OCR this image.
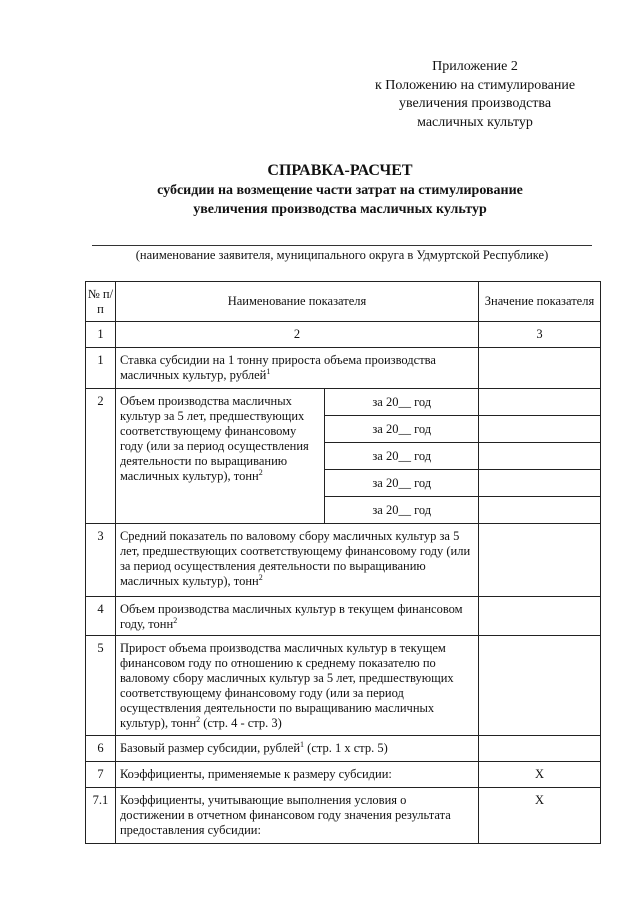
Приложение 2
к Положению на стимулирование
увеличения производства
масличных культур
СПРАВКА-РАСЧЕТ
субсидии на возмещение части затрат на стимулирование
увеличения производства масличных культур
(наименование заявителя, муниципального округа в Удмуртской Республике)
№ п/п	Наименование показателя		Значение показателя
1	2		3
1	Ставка субсидии на 1 тонну прироста объема производства масличных культур, рублей$^1$	
2	Объем производства масличных культур за 5 лет, предшествующих соответствующему финансовому году (или за период осуществления деятельности по выращиванию масличных культур), тонн$^2$	за 20__ год	
		за 20__ год	
		за 20__ год	
		за 20__ год	
		за 20__ год	
3	Средний показатель по валовому сбору масличных культур за 5 лет, предшествующих соответствующему финансовому году (или за период осуществления деятельности по выращиванию масличных культур), тонн$^2$	
4	Объем производства масличных культур в текущем финансовом году, тонн$^2$	
5	Прирост объема производства масличных культур в текущем финансовом году по отношению к среднему показателю по валовому сбору масличных культур за 5 лет, предшествующих соответствующему финансовому году (или за период осуществления деятельности по выращиванию масличных культур), тонн$^2$ (стр. 4 - стр. 3)		
6	Базовый размер субсидии, рублей$^1$ (стр. 1 x стр. 5)		
7	Коэффициенты, применяемые к размеру субсидии:		X
7.1	Коэффициенты, учитывающие выполнения условия о достижении в отчетном финансовом году значения результата предоставления субсидии:		X
